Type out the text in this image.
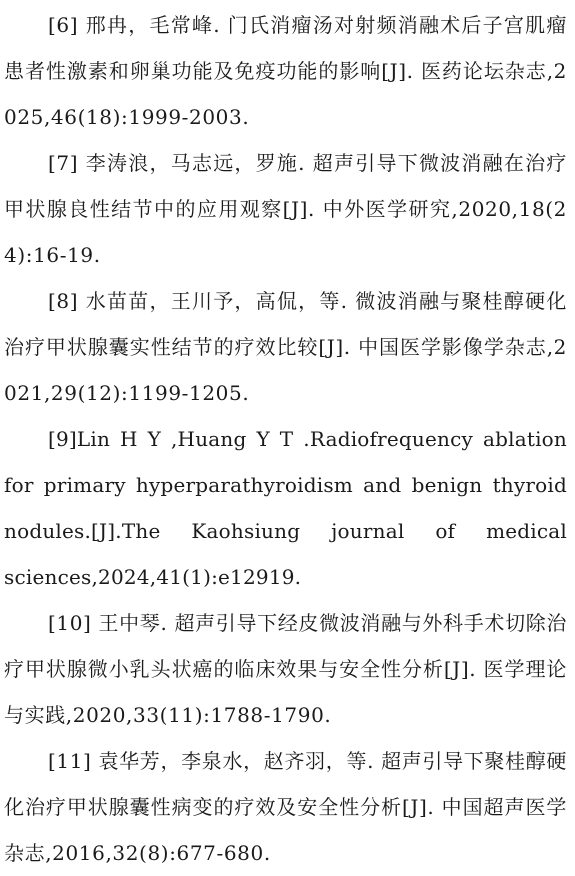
[6] 邢冉，毛常峰. 门氏消瘤汤对射频消融术后子宫肌瘤患者性激素和卵巢功能及免疫功能的影响[J]. 医药论坛杂志,2025,46(18):1999-2003.

[7] 李涛浪，马志远，罗施. 超声引导下微波消融在治疗甲状腺良性结节中的应用观察[J]. 中外医学研究,2020,18(24):16-19.

[8] 水苗苗，王川予，高侃，等. 微波消融与聚桂醇硬化治疗甲状腺囊实性结节的疗效比较[J]. 中国医学影像学杂志,2021,29(12):1199-1205.

[9]Lin H Y ,Huang Y T .Radiofrequency ablation for primary hyperparathyroidism and benign thyroid nodules.[J].The Kaohsiung journal of medical sciences,2024,41(1):e12919.

[10] 王中琴. 超声引导下经皮微波消融与外科手术切除治疗甲状腺微小乳头状癌的临床效果与安全性分析[J]. 医学理论与实践,2020,33(11):1788-1790.

[11] 袁华芳，李泉水，赵齐羽，等. 超声引导下聚桂醇硬化治疗甲状腺囊性病变的疗效及安全性分析[J]. 中国超声医学杂志,2016,32(8):677-680.
